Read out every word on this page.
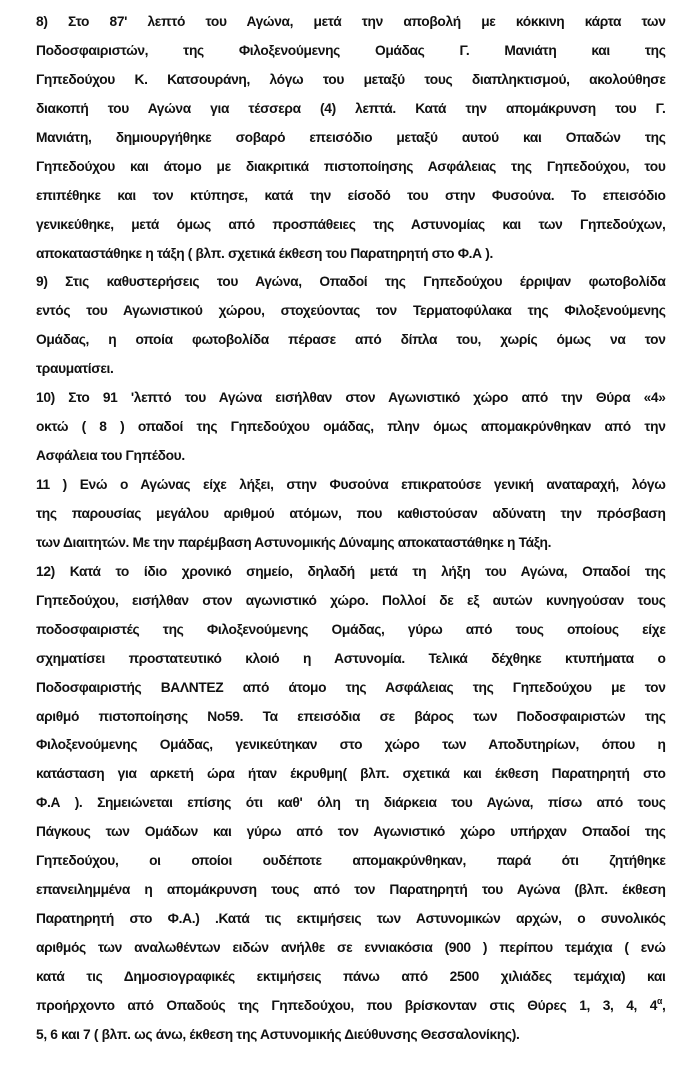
8) Στο 87' λεπτό του Αγώνα, μετά την αποβολή με κόκκινη κάρτα των
Ποδοσφαιριστών, της Φιλοξενούμενης Ομάδας Γ. Μανιάτη και της
Γηπεδούχου Κ. Κατσουράνη, λόγω του μεταξύ τους διαπληκτισμού, ακολούθησε
διακοπή του Αγώνα για τέσσερα (4) λεπτά. Κατά την απομάκρυνση του Γ.
Μανιάτη, δημιουργήθηκε σοβαρό επεισόδιο μεταξύ αυτού και Οπαδών της
Γηπεδούχου και άτομο με διακριτικά πιστοποίησης Ασφάλειας της Γηπεδούχου, του
επιπέθηκε και τον κτύπησε, κατά την είσοδό του στην Φυσούνα. Το επεισόδιο
γενικεύθηκε, μετά όμως από προσπάθειες της Αστυνομίας και των Γηπεδούχων,
αποκαταστάθηκε η τάξη ( βλπ. σχετικά έκθεση του Παρατηρητή στο Φ.Α ).
9) Στις καθυστερήσεις του Αγώνα, Οπαδοί της Γηπεδούχου έρριψαν φωτοβολίδα
εντός του Αγωνιστικού χώρου, στοχεύοντας τον Τερματοφύλακα της Φιλοξενούμενης
Ομάδας, η οποία φωτοβολίδα πέρασε από δίπλα του, χωρίς όμως να τον
τραυματίσει.
10) Στο 91 'λεπτό του Αγώνα εισήλθαν στον Αγωνιστικό χώρο από την Θύρα «4»
οκτώ ( 8 ) οπαδοί της Γηπεδούχου ομάδας, πλην όμως απομακρύνθηκαν από την
Ασφάλεια του Γηπέδου.
11 ) Ενώ ο Αγώνας είχε λήξει, στην Φυσούνα επικρατούσε γενική αναταραχή, λόγω
της παρουσίας μεγάλου αριθμού ατόμων, που καθιστούσαν αδύνατη την πρόσβαση
των Διαιτητών. Με την παρέμβαση Αστυνομικής Δύναμης αποκαταστάθηκε η Τάξη.
12) Κατά το ίδιο χρονικό σημείο, δηλαδή μετά τη λήξη του Αγώνα, Οπαδοί της
Γηπεδούχου, εισήλθαν στον αγωνιστικό χώρο. Πολλοί δε εξ αυτών κυνηγούσαν τους
ποδοσφαιριστές της Φιλοξενούμενης Ομάδας, γύρω από τους οποίους είχε
σχηματίσει προστατευτικό κλοιό η Αστυνομία. Τελικά δέχθηκε κτυπήματα ο
Ποδοσφαιριστής ΒΑΛΝΤΕΖ από άτομο της Ασφάλειας της Γηπεδούχου με τον
αριθμό πιστοποίησης Νο59. Τα επεισόδια σε βάρος των Ποδοσφαιριστών της
Φιλοξενούμενης Ομάδας, γενικεύτηκαν στο χώρο των Αποδυτηρίων, όπου η
κατάσταση για αρκετή ώρα ήταν έκρυθμη( βλπ. σχετικά και έκθεση Παρατηρητή στο
Φ.Α ). Σημειώνεται επίσης ότι καθ' όλη τη διάρκεια του Αγώνα, πίσω από τους
Πάγκους των Ομάδων και γύρω από τον Αγωνιστικό χώρο υπήρχαν Οπαδοί της
Γηπεδούχου, οι οποίοι ουδέποτε απομακρύνθηκαν, παρά ότι ζητήθηκε
επανειλημμένα η απομάκρυνση τους από τον Παρατηρητή του Αγώνα (βλπ. έκθεση
Παρατηρητή στο Φ.Α.) .Κατά τις εκτιμήσεις των Αστυνομικών αρχών, ο συνολικός
αριθμός των αναλωθέντων ειδών ανήλθε σε εννιακόσια (900 ) περίπου τεμάχια ( ενώ
κατά τις Δημοσιογραφικές εκτιμήσεις πάνω από 2500 χιλιάδες τεμάχια) και
προήρχοντο από Οπαδούς της Γηπεδούχου, που βρίσκονταν στις Θύρες 1, 3, 4, $4^\alpha$,
5, 6 και 7 ( βλπ. ως άνω, έκθεση της Αστυνομικής Διεύθυνσης Θεσσαλονίκης).
